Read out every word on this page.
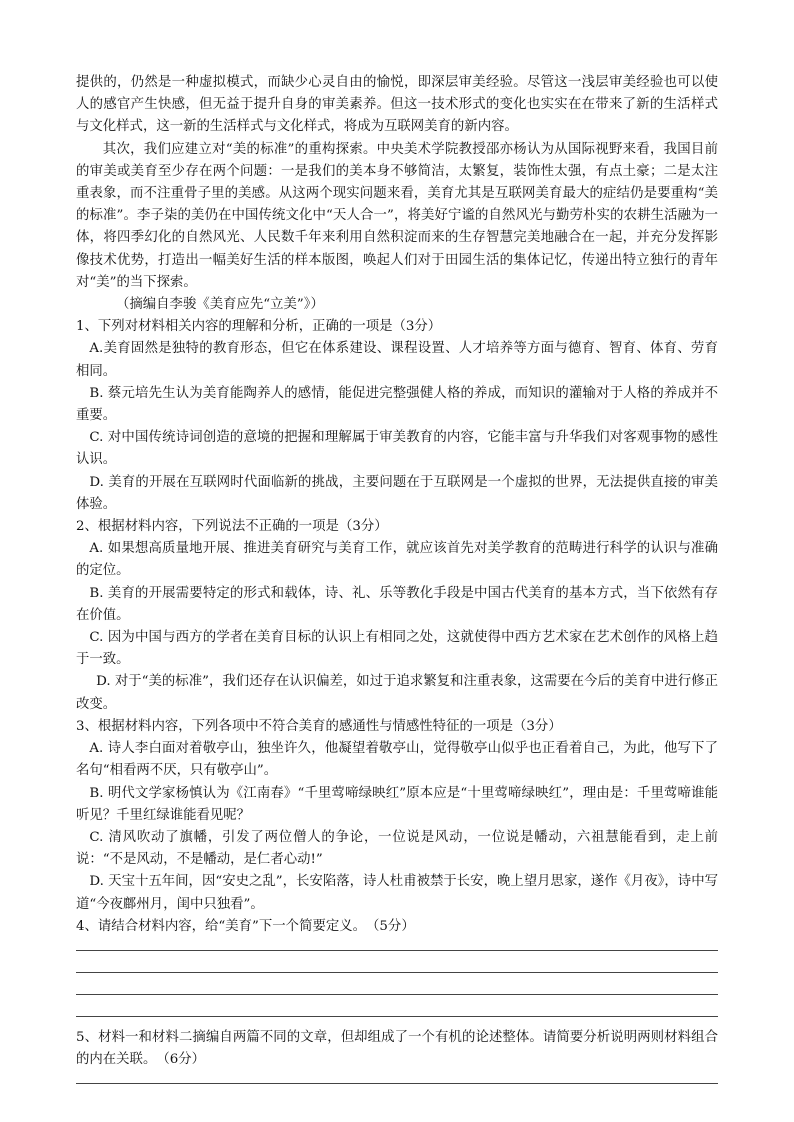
提供的，仍然是一种虚拟模式，而缺少心灵自由的愉悦，即深层审美经验。尽管这一浅层审美经验也可以使人的感官产生快感，但无益于提升自身的审美素养。但这一技术形式的变化也实实在在带来了新的生活样式与文化样式，这一新的生活样式与文化样式，将成为互联网美育的新内容。

其次，我们应建立对“美的标准”的重构探索。中央美术学院教授邵亦杨认为从国际视野来看，我国目前的审美或美育至少存在两个问题：一是我们的美本身不够简洁，太繁复，装饰性太强，有点土豪；二是太注重表象，而不注重骨子里的美感。从这两个现实问题来看，美育尤其是互联网美育最大的症结仍是要重构“美的标准”。李子柒的美仍在中国传统文化中“天人合一”，将美好宁谧的自然风光与勤劳朴实的农耕生活融为一体，将四季幻化的自然风光、人民数千年来利用自然积淀而来的生存智慧完美地融合在一起，并充分发挥影像技术优势，打造出一幅美好生活的样本版图，唤起人们对于田园生活的集体记忆，传递出特立独行的青年对“美”的当下探索。

（摘编自李骏《美育应先“立美”》）

1、下列对材料相关内容的理解和分析，正确的一项是（3分）

A.美育固然是独特的教育形态，但它在体系建设、课程设置、人才培养等方面与德育、智育、体育、劳育相同。

B. 蔡元培先生认为美育能陶养人的感情，能促进完整强健人格的养成，而知识的灌输对于人格的养成并不重要。

C. 对中国传统诗词创造的意境的把握和理解属于审美教育的内容，它能丰富与升华我们对客观事物的感性认识。

D. 美育的开展在互联网时代面临新的挑战，主要问题在于互联网是一个虚拟的世界，无法提供直接的审美体验。

2、根据材料内容，下列说法不正确的一项是（3分）

A. 如果想高质量地开展、推进美育研究与美育工作，就应该首先对美学教育的范畴进行科学的认识与准确的定位。

B. 美育的开展需要特定的形式和载体，诗、礼、乐等教化手段是中国古代美育的基本方式，当下依然有存在价值。

C. 因为中国与西方的学者在美育目标的认识上有相同之处，这就使得中西方艺术家在艺术创作的风格上趋于一致。

D. 对于“美的标准”，我们还存在认识偏差，如过于追求繁复和注重表象，这需要在今后的美育中进行修正改变。

3、根据材料内容，下列各项中不符合美育的感通性与情感性特征的一项是（3分）

A. 诗人李白面对着敬亭山，独坐许久，他凝望着敬亭山，觉得敬亭山似乎也正看着自己，为此，他写下了名句“相看两不厌，只有敬亭山”。

B. 明代文学家杨慎认为《江南春》“千里莺啼绿映红”原本应是“十里莺啼绿映红”，理由是：千里莺啼谁能听见？千里红绿谁能看见呢？

C. 清风吹动了旗幡，引发了两位僧人的争论，一位说是风动，一位说是幡动，六祖慧能看到，走上前说：“不是风动，不是幡动，是仁者心动!”

D. 天宝十五年间，因“安史之乱”，长安陷落，诗人杜甫被禁于长安，晚上望月思家，遂作《月夜》，诗中写道“今夜鄜州月，闺中只独看”。

4、请结合材料内容，给“美育”下一个简要定义。　（5分）

5、材料一和材料二摘编自两篇不同的文章，但却组成了一个有机的论述整体。请简要分析说明两则材料组合的内在关联。　（6分）
